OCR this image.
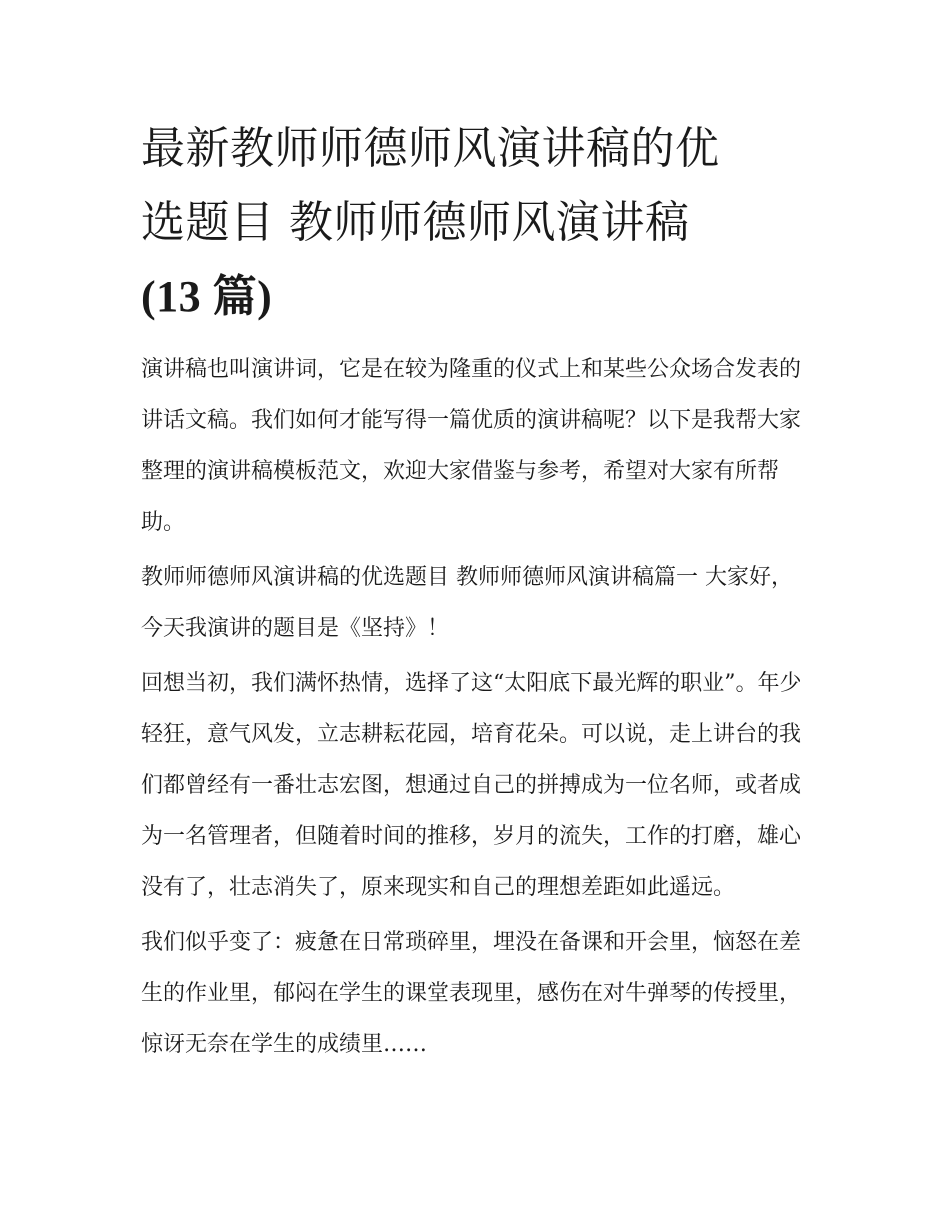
最新教师师德师风演讲稿的优
选题目 教师师德师风演讲稿
(13 篇)

演讲稿也叫演讲词，它是在较为隆重的仪式上和某些公众场合发表的讲话文稿。我们如何才能写得一篇优质的演讲稿呢？以下是我帮大家整理的演讲稿模板范文，欢迎大家借鉴与参考，希望对大家有所帮助。

教师师德师风演讲稿的优选题目 教师师德师风演讲稿篇一 大家好，今天我演讲的题目是《坚持》！

回想当初，我们满怀热情，选择了这“太阳底下最光辉的职业”。年少轻狂，意气风发，立志耕耘花园，培育花朵。可以说，走上讲台的我们都曾经有一番壮志宏图，想通过自己的拼搏成为一位名师，或者成为一名管理者，但随着时间的推移，岁月的流失，工作的打磨，雄心没有了，壮志消失了，原来现实和自己的理想差距如此遥远。

我们似乎变了：疲惫在日常琐碎里，埋没在备课和开会里，恼怒在差生的作业里，郁闷在学生的课堂表现里，感伤在对牛弹琴的传授里，惊讶无奈在学生的成绩里……
